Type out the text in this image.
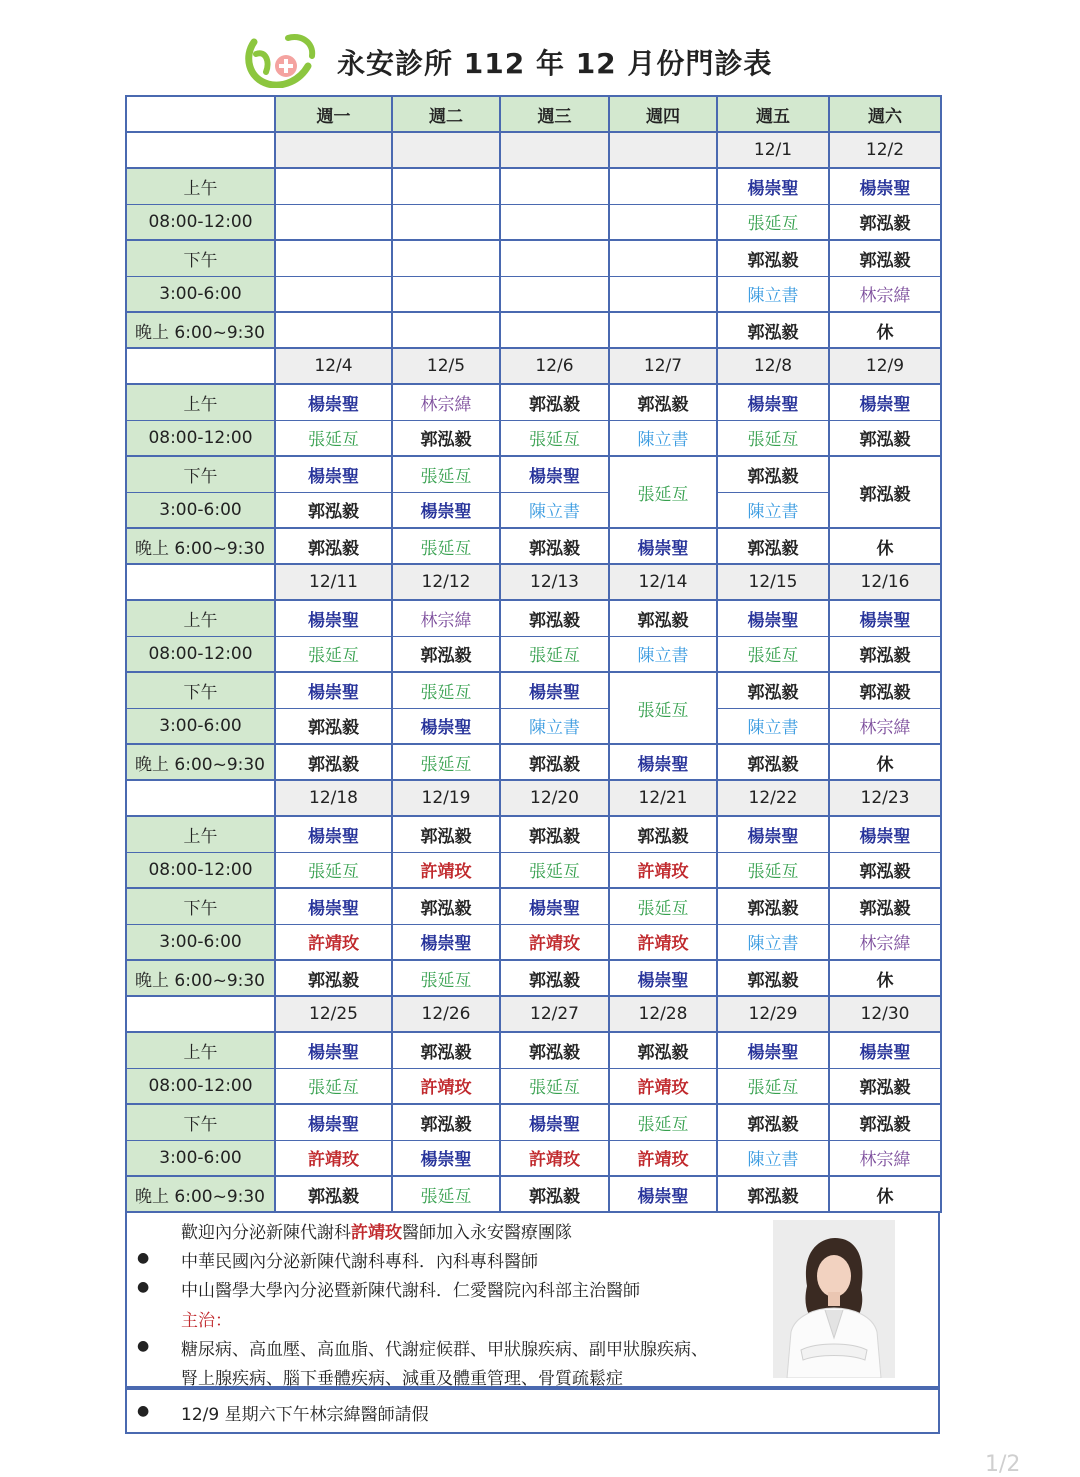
永安診所 112 年 12 月份門診表
	週一	週二	週三	週四	週五	週六
					12/1	12/2
上午					楊崇聖	楊崇聖
08:00-12:00					張延亙	郭泓毅
下午					郭泓毅	郭泓毅
3:00-6:00					陳立書	林宗緯
晚上 6:00~9:30					郭泓毅	休
	12/4	12/5	12/6	12/7	12/8	12/9
上午	楊崇聖	林宗緯	郭泓毅	郭泓毅	楊崇聖	楊崇聖
08:00-12:00	張延亙	郭泓毅	張延亙	陳立書	張延亙	郭泓毅
下午	楊崇聖	張延亙	楊崇聖	張延亙	郭泓毅	郭泓毅
3:00-6:00	郭泓毅	楊崇聖	陳立書		陳立書	
晚上 6:00~9:30	郭泓毅	張延亙	郭泓毅	楊崇聖	郭泓毅	休
	12/11	12/12	12/13	12/14	12/15	12/16
上午	楊崇聖	林宗緯	郭泓毅	郭泓毅	楊崇聖	楊崇聖
08:00-12:00	張延亙	郭泓毅	張延亙	陳立書	張延亙	郭泓毅
下午	楊崇聖	張延亙	楊崇聖	張延亙	郭泓毅	郭泓毅
3:00-6:00	郭泓毅	楊崇聖	陳立書		陳立書	林宗緯
晚上 6:00~9:30	郭泓毅	張延亙	郭泓毅	楊崇聖	郭泓毅	休
	12/18	12/19	12/20	12/21	12/22	12/23
上午	楊崇聖	郭泓毅	郭泓毅	郭泓毅	楊崇聖	楊崇聖
08:00-12:00	張延亙	許靖玫	張延亙	許靖玫	張延亙	郭泓毅
下午	楊崇聖	郭泓毅	楊崇聖	張延亙	郭泓毅	郭泓毅
3:00-6:00	許靖玫	楊崇聖	許靖玫	許靖玫	陳立書	林宗緯
晚上 6:00~9:30	郭泓毅	張延亙	郭泓毅	楊崇聖	郭泓毅	休
	12/25	12/26	12/27	12/28	12/29	12/30
上午	楊崇聖	郭泓毅	郭泓毅	郭泓毅	楊崇聖	楊崇聖
08:00-12:00	張延亙	許靖玫	張延亙	許靖玫	張延亙	郭泓毅
下午	楊崇聖	郭泓毅	楊崇聖	張延亙	郭泓毅	郭泓毅
3:00-6:00	許靖玫	楊崇聖	許靖玫	許靖玫	陳立書	林宗緯
晚上 6:00~9:30	郭泓毅	張延亙	郭泓毅	楊崇聖	郭泓毅	休
歡迎內分泌新陳代謝科許靖玫醫師加入永安醫療團隊
● 中華民國內分泌新陳代謝科專科．內科專科醫師
● 中山醫學大學內分泌暨新陳代謝科．仁愛醫院內科部主治醫師
主治：
● 糖尿病、高血壓、高血脂、代謝症候群、甲狀腺疾病、副甲狀腺疾病、
腎上腺疾病、腦下垂體疾病、減重及體重管理、骨質疏鬆症
● 12/9 星期六下午林宗緯醫師請假
1/2
